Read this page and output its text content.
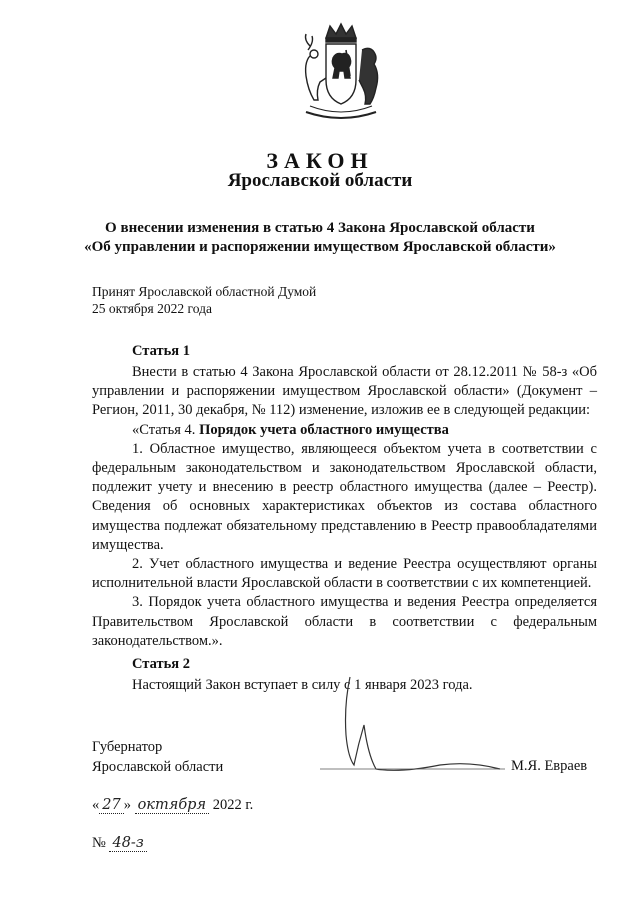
ЗАКОН
Ярославской области
О внесении изменения в статью 4 Закона Ярославской области
«Об управлении и распоряжении имуществом Ярославской области»
Принят Ярославской областной Думой
25 октября 2022 года
Статья 1

Внести в статью 4 Закона Ярославской области от 28.12.2011 № 58-з «Об управлении и распоряжении имуществом Ярославской области» (Документ – Регион, 2011, 30 декабря, № 112) изменение, изложив ее в следующей редакции:

«Статья 4. Порядок учета областного имущества

1. Областное имущество, являющееся объектом учета в соответствии с федеральным законодательством и законодательством Ярославской области, подлежит учету и внесению в реестр областного имущества (далее – Реестр). Сведения об основных характеристиках объектов из состава областного имущества подлежат обязательному представлению в Реестр правообладателями имущества.

2. Учет областного имущества и ведение Реестра осуществляют органы исполнительной власти Ярославской области в соответствии с их компетенцией.

3. Порядок учета областного имущества и ведения Реестра определяется Правительством Ярославской области в соответствии с федеральным законодательством.».

Статья 2

Настоящий Закон вступает в силу с 1 января 2023 года.

Губернатор
Ярославской области	М.Я. Евраев
« 27 » октября 2022 г.
№ 48-з
